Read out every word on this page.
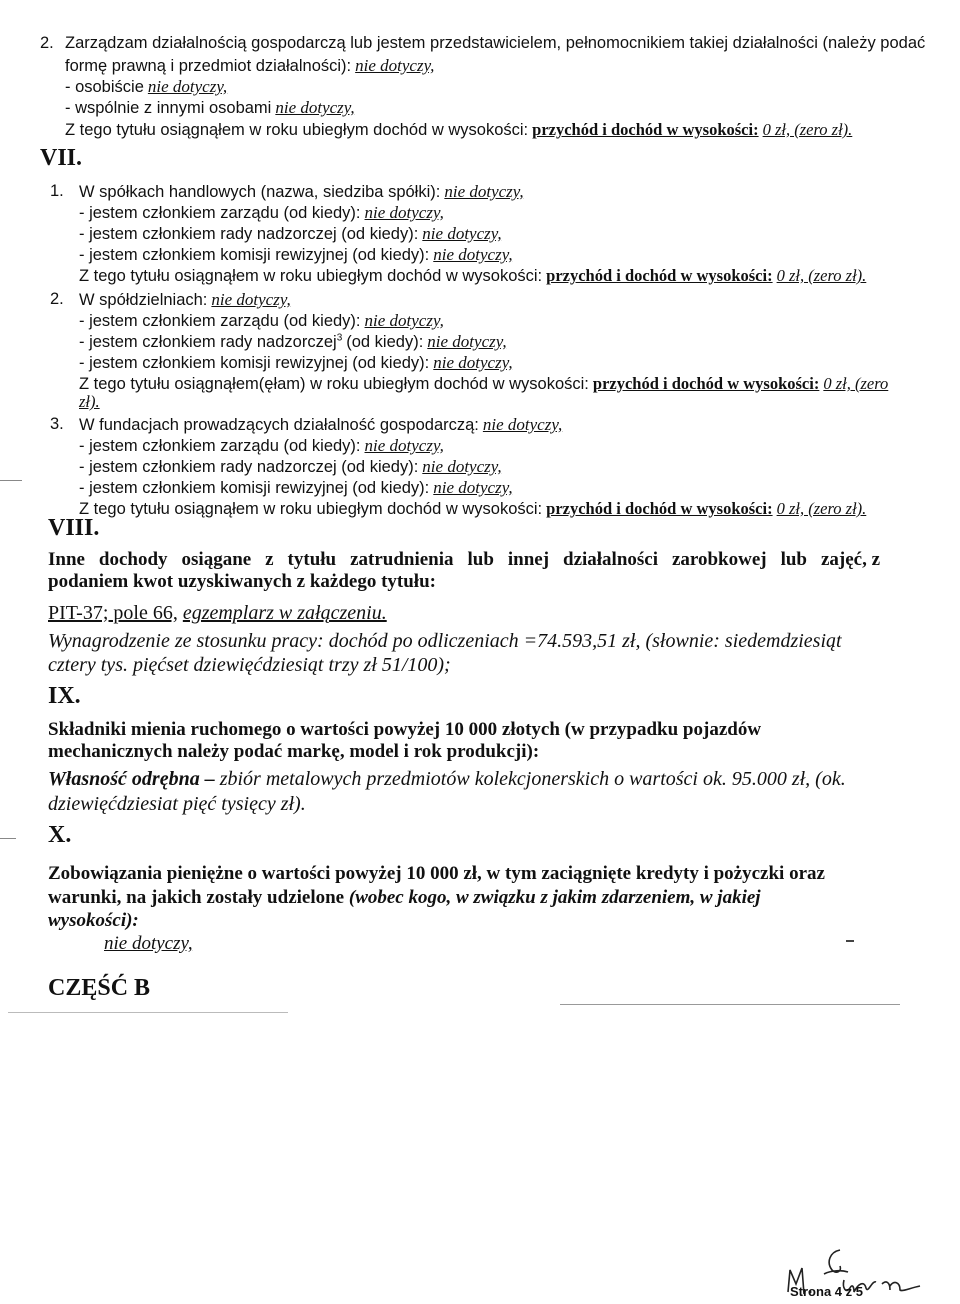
2. Zarządzam działalnością gospodarczą lub jestem przedstawicielem, pełnomocnikiem takiej działalności (należy podać
formę prawną i przedmiot działalności): nie dotyczy,
- osobiście nie dotyczy,
- wspólnie z innymi osobami nie dotyczy,
Z tego tytułu osiągnąłem w roku ubiegłym dochód w wysokości: przychód i dochód w wysokości: 0 zł, (zero zł).
VII.
1. W spółkach handlowych (nazwa, siedziba spółki): nie dotyczy,
- jestem członkiem zarządu (od kiedy): nie dotyczy,
- jestem członkiem rady nadzorczej (od kiedy): nie dotyczy,
- jestem członkiem komisji rewizyjnej (od kiedy): nie dotyczy,
Z tego tytułu osiągnąłem w roku ubiegłym dochód w wysokości: przychód i dochód w wysokości: 0 zł, (zero zł).
2. W spółdzielniach: nie dotyczy,
- jestem członkiem zarządu (od kiedy): nie dotyczy,
- jestem członkiem rady nadzorczej$^3$ (od kiedy): nie dotyczy,
- jestem członkiem komisji rewizyjnej (od kiedy): nie dotyczy,
Z tego tytułu osiągnąłem(ęłam) w roku ubiegłym dochód w wysokości: przychód i dochód w wysokości: 0 zł, (zero
zł).
3. W fundacjach prowadzących działalność gospodarczą: nie dotyczy,
- jestem członkiem zarządu (od kiedy): nie dotyczy,
- jestem członkiem rady nadzorczej (od kiedy): nie dotyczy,
- jestem członkiem komisji rewizyjnej (od kiedy): nie dotyczy,
Z tego tytułu osiągnąłem w roku ubiegłym dochód w wysokości: przychód i dochód w wysokości: 0 zł, (zero zł).
VIII.
Inne dochody osiągane z tytułu zatrudnienia lub innej działalności zarobkowej lub zajęć, z
podaniem kwot uzyskiwanych z każdego tytułu:
PIT-37; pole 66, egzemplarz w załączeniu.
Wynagrodzenie ze stosunku pracy: dochód po odliczeniach =74.593,51 zł, (słownie: siedemdziesiąt
cztery tys. pięćset dziewięćdziesiąt trzy zł 51/100);
IX.
Składniki mienia ruchomego o wartości powyżej 10 000 złotych (w przypadku pojazdów
mechanicznych należy podać markę, model i rok produkcji):
Własność odrębna – zbiór metalowych przedmiotów kolekcjonerskich o wartości ok. 95.000 zł, (ok.
dziewięćdziesiat pięć tysięcy zł).
X.
Zobowiązania pieniężne o wartości powyżej 10 000 zł, w tym zaciągnięte kredyty i pożyczki oraz
warunki, na jakich zostały udzielone (wobec kogo, w związku z jakim zdarzeniem, w jakiej
wysokości):
nie dotyczy,
CZĘŚĆ B
Strona 4 z 5
